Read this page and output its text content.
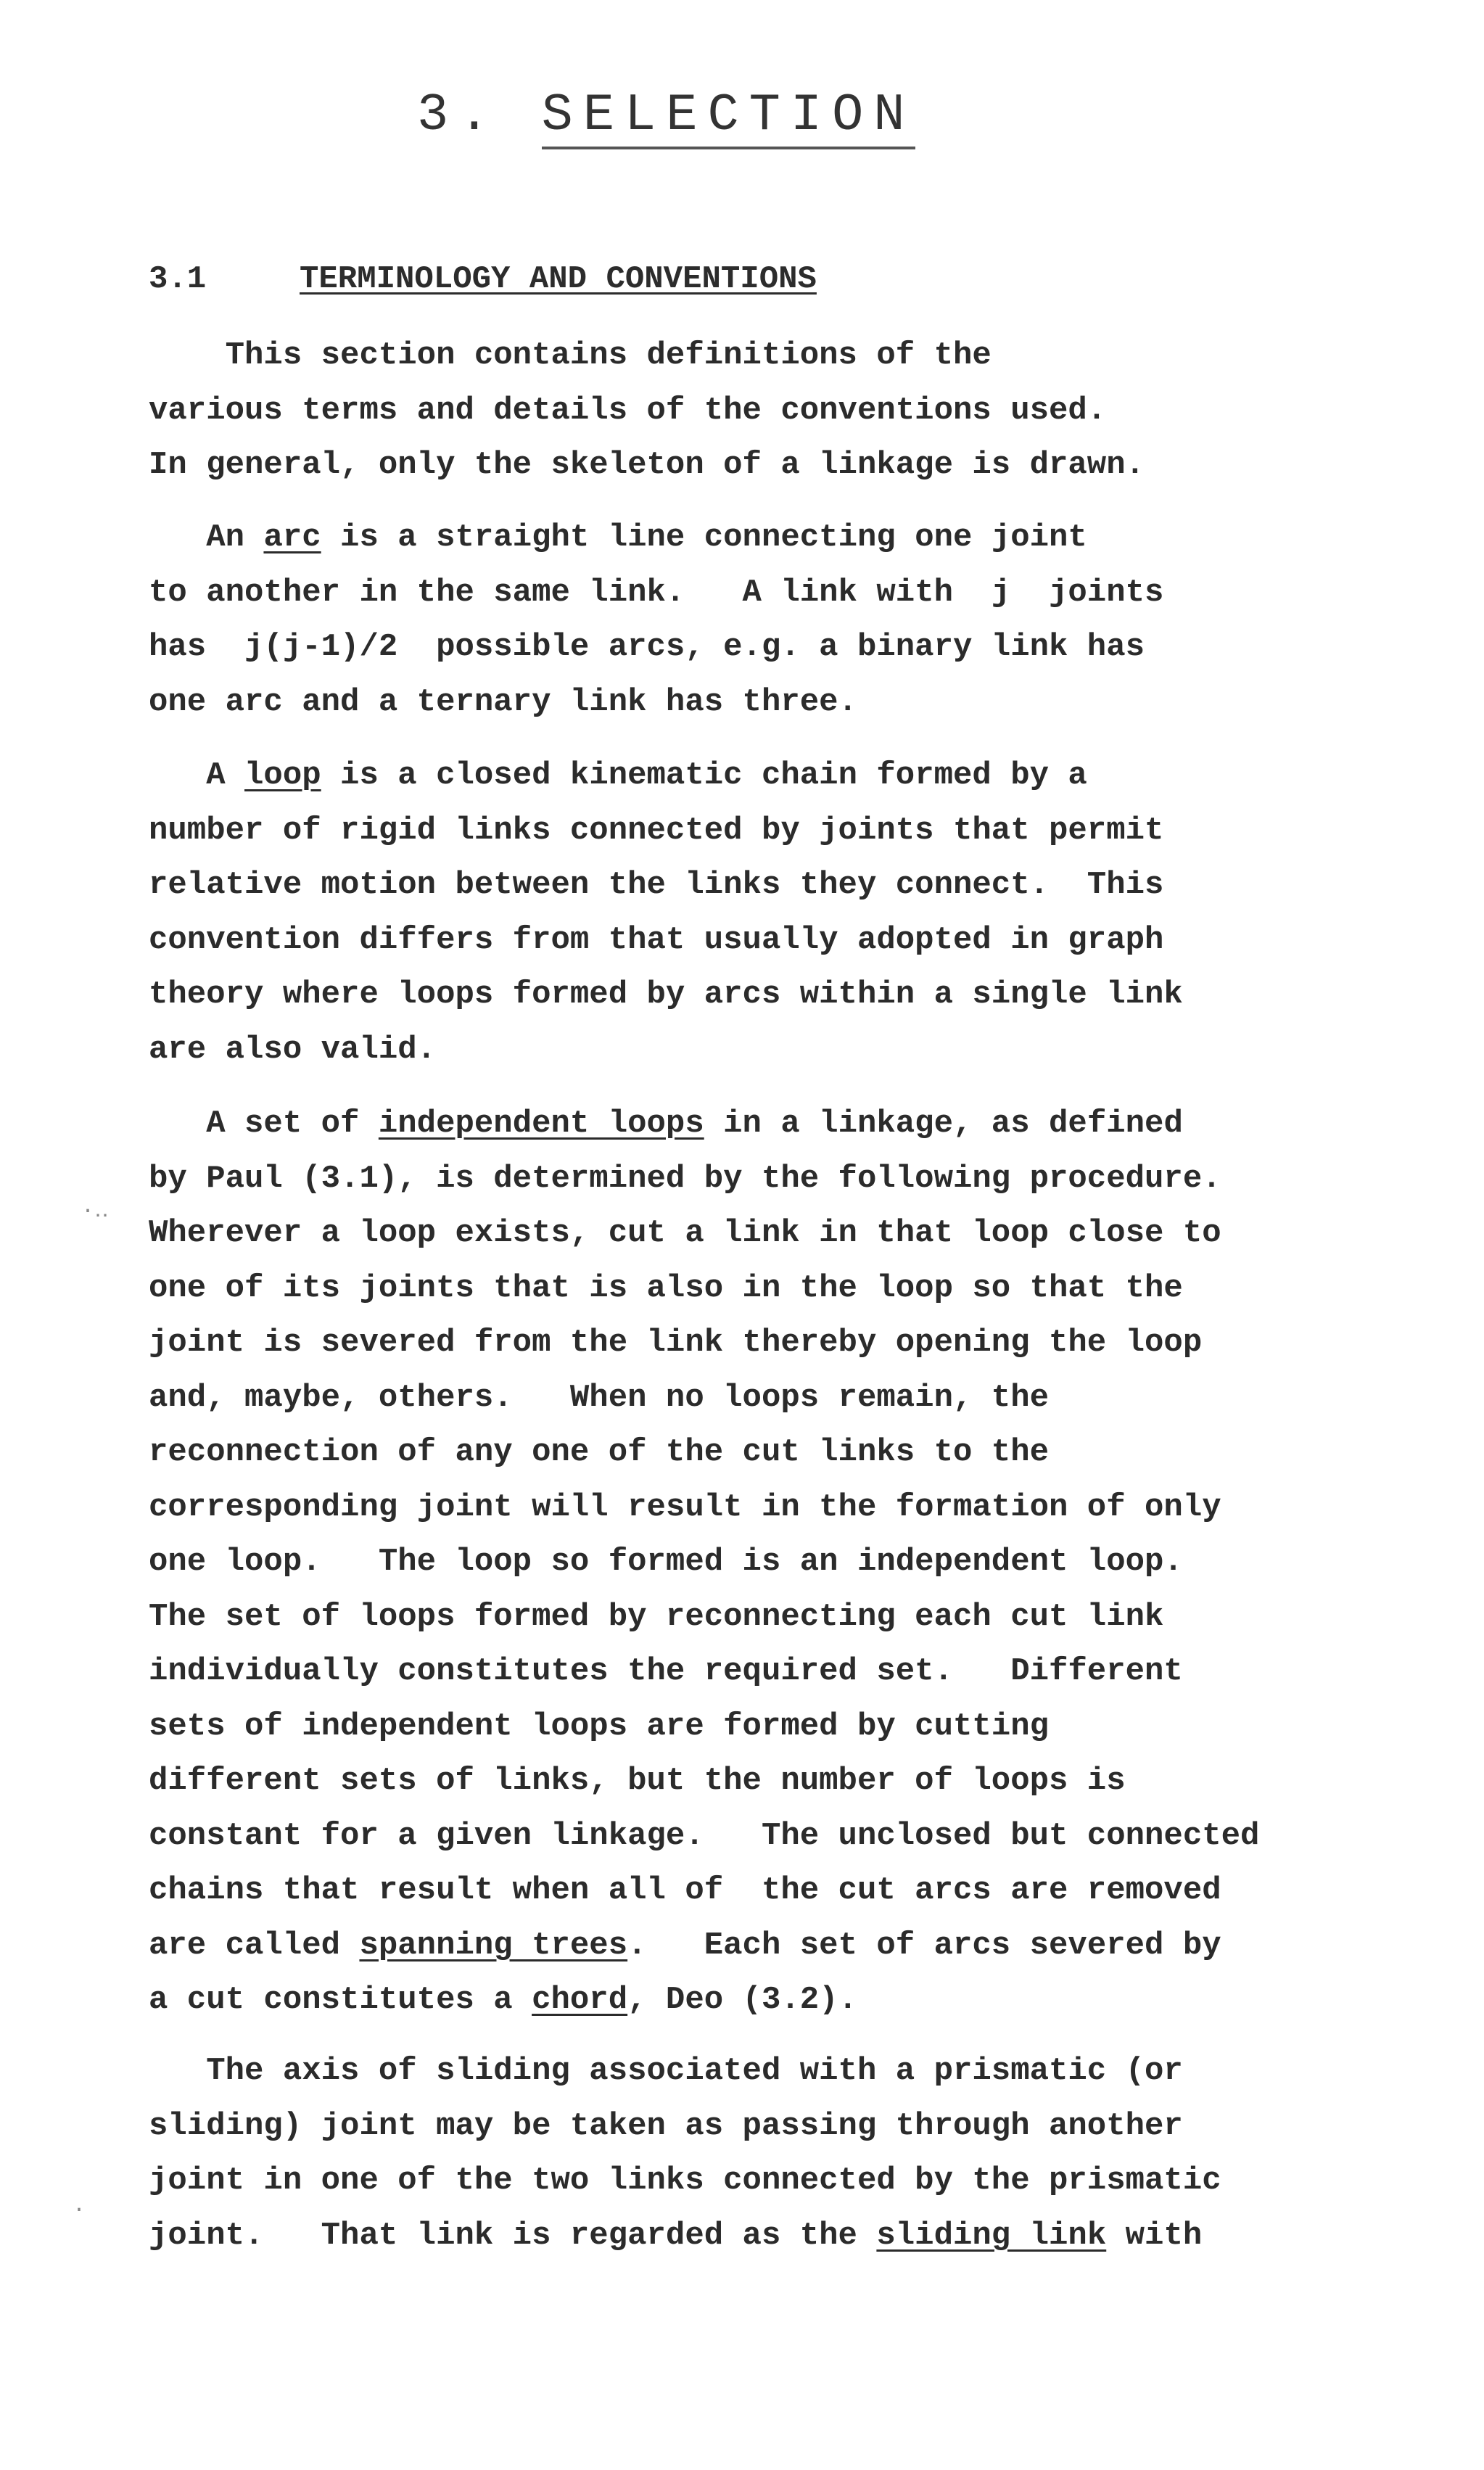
3. SELECTION
3.1	TERMINOLOGY AND CONVENTIONS
This section contains definitions of the
various terms and details of the conventions used.
In general, only the skeleton of a linkage is drawn.
An arc is a straight line connecting one joint
to another in the same link.   A link with  j  joints
has  j(j-1)/2  possible arcs, e.g. a binary link has
one arc and a ternary link has three.
A loop is a closed kinematic chain formed by a
number of rigid links connected by joints that permit
relative motion between the links they connect.  This
convention differs from that usually adopted in graph
theory where loops formed by arcs within a single link
are also valid.
A set of independent loops in a linkage, as defined
by Paul (3.1), is determined by the following procedure.
Wherever a loop exists, cut a link in that loop close to
one of its joints that is also in the loop so that the
joint is severed from the link thereby opening the loop
and, maybe, others.   When no loops remain, the
reconnection of any one of the cut links to the
corresponding joint will result in the formation of only
one loop.   The loop so formed is an independent loop.
The set of loops formed by reconnecting each cut link
individually constitutes the required set.   Different
sets of independent loops are formed by cutting
different sets of links, but the number of loops is
constant for a given linkage.   The unclosed but connected
chains that result when all of  the cut arcs are removed
are called spanning trees.   Each set of arcs severed by
a cut constitutes a chord, Deo (3.2).
The axis of sliding associated with a prismatic (or
sliding) joint may be taken as passing through another
joint in one of the two links connected by the prismatic
joint.   That link is regarded as the sliding link with
·‥
·
